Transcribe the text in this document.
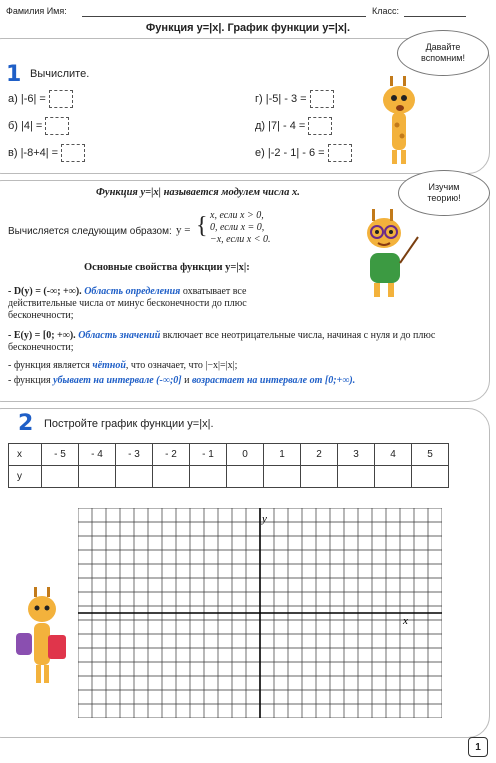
Фамилия Имя:	Класс:
Функция у=|x|. График функции у=|x|.
1 Вычислите.
а) |-6| =	г) |-5| - 3 =
б) |4| =	д) |7| - 4 =
в) |-8+4| =	е) |-2 - 1| - 6 =
Давайте вспомним!
Изучим теорию!
Функция у=|x| называется модулем числа х.
Вычисляется следующим образом: y = { x, если x > 0,
0, если x = 0,
−x, если x < 0.
Основные свойства функции у=|x|:
- D(y) = (-∞; +∞). Область определения охватывает все действительные числа от минус бесконечности до плюс бесконечности;
- E(y) = [0; +∞). Область значений включает все неотрицательные числа, начиная с нуля и до плюс бесконечности;
- функция является чётной, что означает, что |−x|=|x|;
- функция убывает на интервале (-∞;0] и возрастает на интервале от [0;+∞).
2 Постройте график функции у=|x|.
x	- 5	- 4	- 3	- 2	- 1	0	1	2	3	4	5
y											
x
y
1
